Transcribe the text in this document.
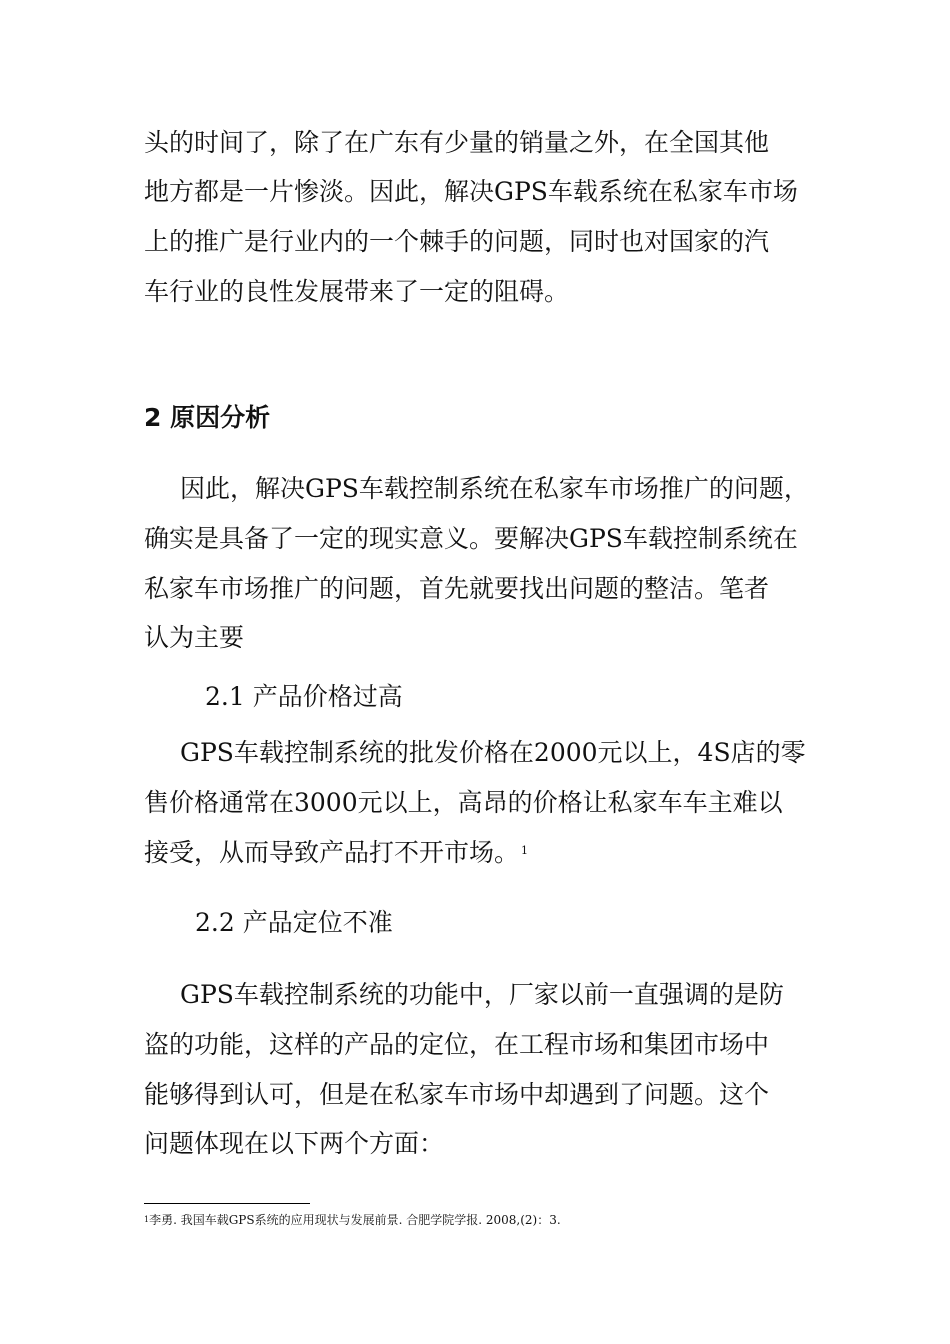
头的时间了，除了在广东有少量的销量之外，在全国其他

地方都是一片惨淡。因此，解决GPS车载系统在私家车市场

上的推广是行业内的一个棘手的问题，同时也对国家的汽

车行业的良性发展带来了一定的阻碍。

2 原因分析

因此，解决GPS车载控制系统在私家车市场推广的问题，

确实是具备了一定的现实意义。要解决GPS车载控制系统在

私家车市场推广的问题，首先就要找出问题的整洁。笔者

认为主要

2.1 产品价格过高

GPS车载控制系统的批发价格在2000元以上，4S店的零

售价格通常在3000元以上，高昂的价格让私家车车主难以

接受，从而导致产品打不开市场。 $^1$

2.2 产品定位不准

GPS车载控制系统的功能中，厂家以前一直强调的是防

盗的功能，这样的产品的定位，在工程市场和集团市场中

能够得到认可，但是在私家车市场中却遇到了问题。这个

问题体现在以下两个方面：

$^1$李勇. 我国车载GPS系统的应用现状与发展前景. 合肥学院学报. 2008,(2)：3.
